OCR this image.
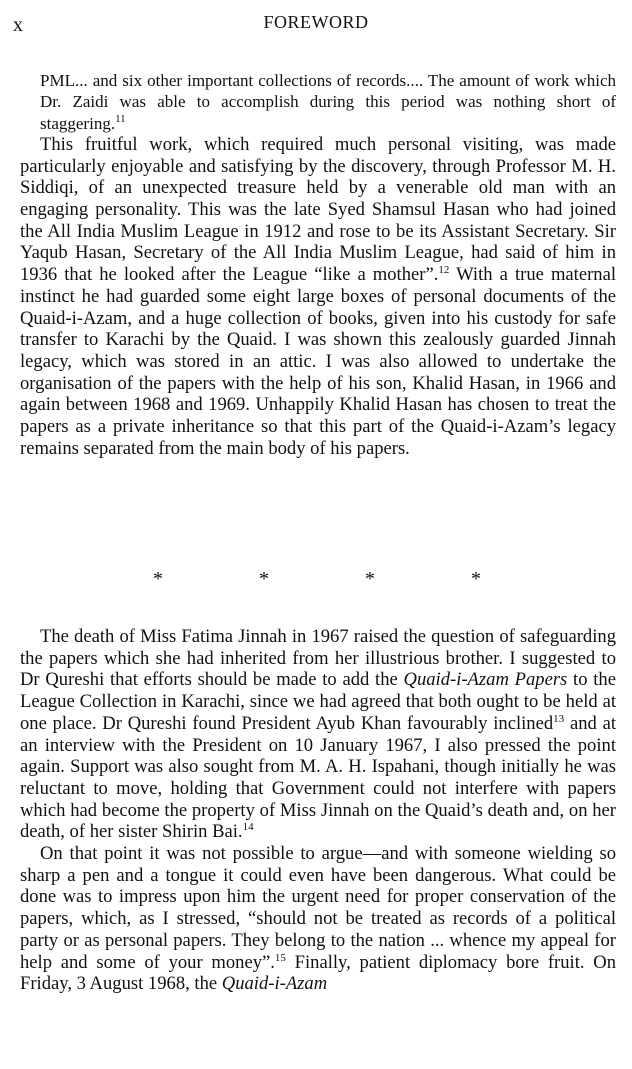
x	FOREWORD

PML... and six other important collections of records.... The amount of work which Dr. Zaidi was able to accomplish during this period was nothing short of staggering.$^{11}$

This fruitful work, which required much personal visiting, was made particularly enjoyable and satisfying by the discovery, through Professor M. H. Siddiqi, of an unexpected treasure held by a venerable old man with an engaging personality. This was the late Syed Shamsul Hasan who had joined the All India Muslim League in 1912 and rose to be its Assistant Secretary. Sir Yaqub Hasan, Secretary of the All India Muslim League, had said of him in 1936 that he looked after the League “like a mother”.$^{12}$ With a true maternal instinct he had guarded some eight large boxes of personal documents of the Quaid-i-Azam, and a huge collection of books, given into his custody for safe transfer to Karachi by the Quaid. I was shown this zealously guarded Jinnah legacy, which was stored in an attic. I was also allowed to undertake the organisation of the papers with the help of his son, Khalid Hasan, in 1966 and again between 1968 and 1969. Unhappily Khalid Hasan has chosen to treat the papers as a private inheritance so that this part of the Quaid-i-Azam’s legacy remains separated from the main body of his papers.

*	*	*	*

The death of Miss Fatima Jinnah in 1967 raised the question of safeguarding the papers which she had inherited from her illustrious brother. I suggested to Dr Qureshi that efforts should be made to add the Quaid-i-Azam Papers to the League Collection in Karachi, since we had agreed that both ought to be held at one place. Dr Qureshi found President Ayub Khan favourably inclined$^{13}$ and at an interview with the President on 10 January 1967, I also pressed the point again. Support was also sought from M. A. H. Ispahani, though initially he was reluctant to move, holding that Government could not interfere with papers which had become the property of Miss Jinnah on the Quaid’s death and, on her death, of her sister Shirin Bai.$^{14}$

On that point it was not possible to argue—and with someone wielding so sharp a pen and a tongue it could even have been dangerous. What could be done was to impress upon him the urgent need for proper conservation of the papers, which, as I stressed, “should not be treated as records of a political party or as personal papers. They belong to the nation ... whence my appeal for help and some of your money”.$^{15}$ Finally, patient diplomacy bore fruit. On Friday, 3 August 1968, the Quaid-i-Azam
